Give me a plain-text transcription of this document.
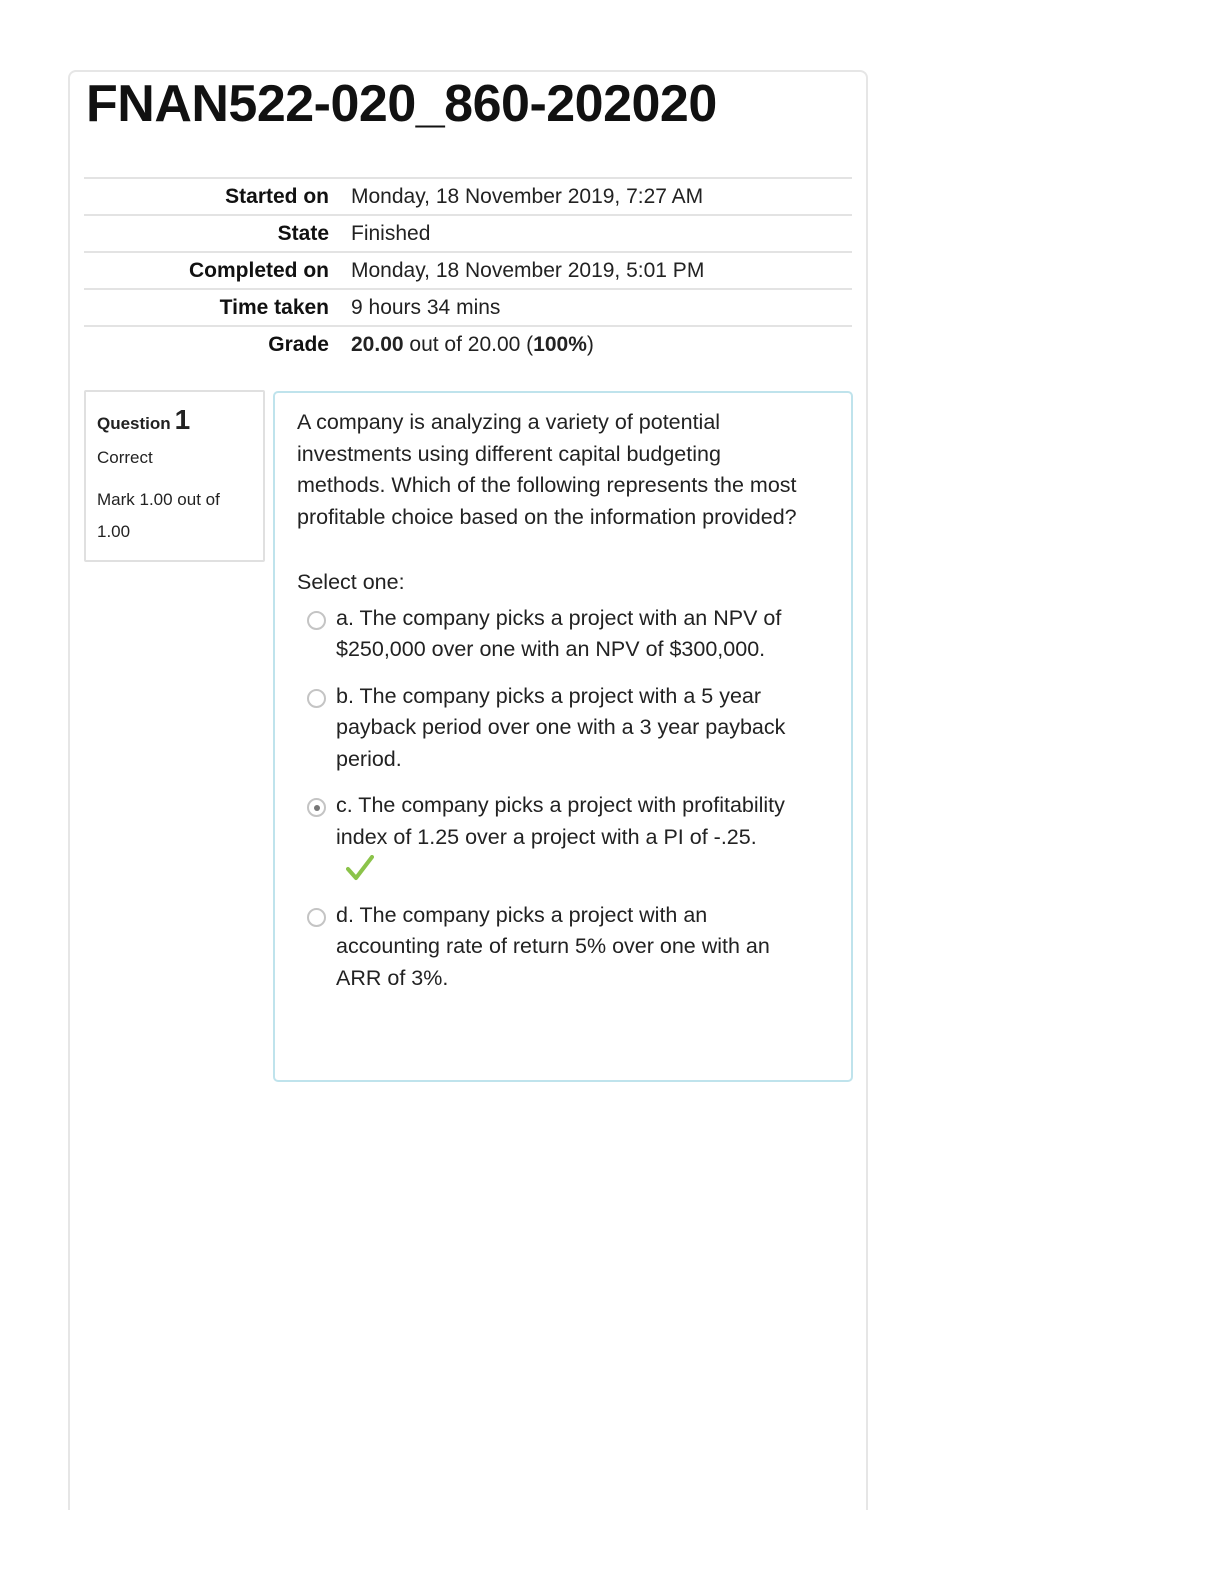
FNAN522-020_860-202020
Started on	Monday, 18 November 2019, 7:27 AM
State	Finished
Completed on	Monday, 18 November 2019, 5:01 PM
Time taken	9 hours 34 mins
Grade	20.00 out of 20.00 (100%)
Question 1
Correct
Mark 1.00 out of 1.00
A company is analyzing a variety of potential investments using different capital budgeting methods. Which of the following represents the most profitable choice based on the information provided?
Select one:
a. The company picks a project with an NPV of $250,000 over one with an NPV of $300,000.
b. The company picks a project with a 5 year payback period over one with a 3 year payback period.
c. The company picks a project with profitability index of 1.25 over a project with a PI of -.25.
d. The company picks a project with an accounting rate of return 5% over one with an ARR of 3%.
